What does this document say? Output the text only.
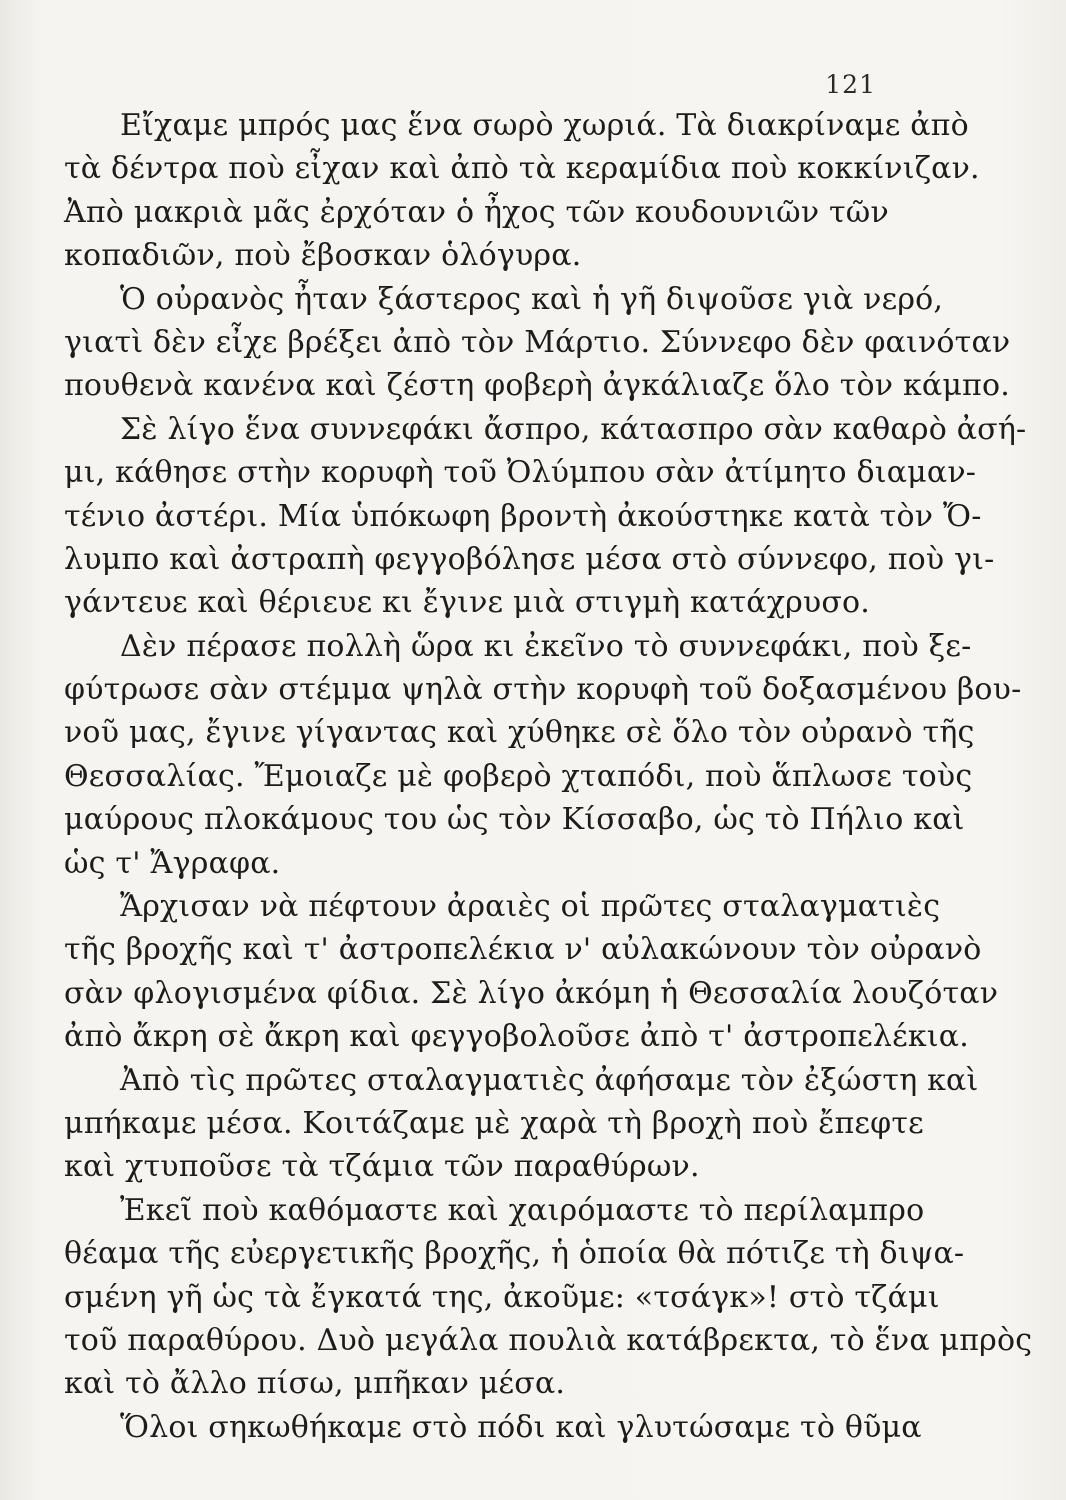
121
Εἴχαμε μπρός μας ἕνα σωρὸ χωριά. Τὰ διακρίναμε ἀπὸ
τὰ δέντρα ποὺ εἶχαν καὶ ἀπὸ τὰ κεραμίδια ποὺ κοκκίνιζαν.
Ἀπὸ μακριὰ μᾶς ἐρχόταν ὁ ἦχος τῶν κουδουνιῶν τῶν
κοπαδιῶν, ποὺ ἔβοσκαν ὁλόγυρα.
Ὁ οὐρανὸς ἦταν ξάστερος καὶ ἡ γῆ διψοῦσε γιὰ νερό,
γιατὶ δὲν εἶχε βρέξει ἀπὸ τὸν Μάρτιο. Σύννεφο δὲν φαινόταν
πουθενὰ κανένα καὶ ζέστη φοβερὴ ἀγκάλιαζε ὅλο τὸν κάμπο.
Σὲ λίγο ἕνα συννεφάκι ἄσπρο, κάτασπρο σὰν καθαρὸ ἀσή-
μι, κάθησε στὴν κορυφὴ τοῦ Ὀλύμπου σὰν ἀτίμητο διαμαν-
τένιο ἀστέρι. Μία ὑπόκωφη βροντὴ ἀκούστηκε κατὰ τὸν Ὄ-
λυμπο καὶ ἀστραπὴ φεγγοβόλησε μέσα στὸ σύννεφο, ποὺ γι-
γάντευε καὶ θέριευε κι ἔγινε μιὰ στιγμὴ κατάχρυσο.
Δὲν πέρασε πολλὴ ὥρα κι ἐκεῖνο τὸ συννεφάκι, ποὺ ξε-
φύτρωσε σὰν στέμμα ψηλὰ στὴν κορυφὴ τοῦ δοξασμένου βου-
νοῦ μας, ἔγινε γίγαντας καὶ χύθηκε σὲ ὅλο τὸν οὐρανὸ τῆς
Θεσσαλίας. Ἔμοιαζε μὲ φοβερὸ χταπόδι, ποὺ ἅπλωσε τοὺς
μαύρους πλοκάμους του ὡς τὸν Κίσσαβο, ὡς τὸ Πήλιο καὶ
ὡς τ' Ἄγραφα.
Ἄρχισαν νὰ πέφτουν ἀραιὲς οἱ πρῶτες σταλαγματιὲς
τῆς βροχῆς καὶ τ' ἀστροπελέκια ν' αὐλακώνουν τὸν οὐρανὸ
σὰν φλογισμένα φίδια. Σὲ λίγο ἀκόμη ἡ Θεσσαλία λουζόταν
ἀπὸ ἄκρη σὲ ἄκρη καὶ φεγγοβολοῦσε ἀπὸ τ' ἀστροπελέκια.
Ἀπὸ τὶς πρῶτες σταλαγματιὲς ἀφήσαμε τὸν ἐξώστη καὶ
μπήκαμε μέσα. Κοιτάζαμε μὲ χαρὰ τὴ βροχὴ ποὺ ἔπεφτε
καὶ χτυποῦσε τὰ τζάμια τῶν παραθύρων.
Ἐκεῖ ποὺ καθόμαστε καὶ χαιρόμαστε τὸ περίλαμπρο
θέαμα τῆς εὐεργετικῆς βροχῆς, ἡ ὁποία θὰ πότιζε τὴ διψα-
σμένη γῆ ὡς τὰ ἔγκατά της, ἀκοῦμε: «τσάγκ»! στὸ τζάμι
τοῦ παραθύρου. Δυὸ μεγάλα πουλιὰ κατάβρεκτα, τὸ ἕνα μπρὸς
καὶ τὸ ἄλλο πίσω, μπῆκαν μέσα.
Ὅλοι σηκωθήκαμε στὸ πόδι καὶ γλυτώσαμε τὸ θῦμα
